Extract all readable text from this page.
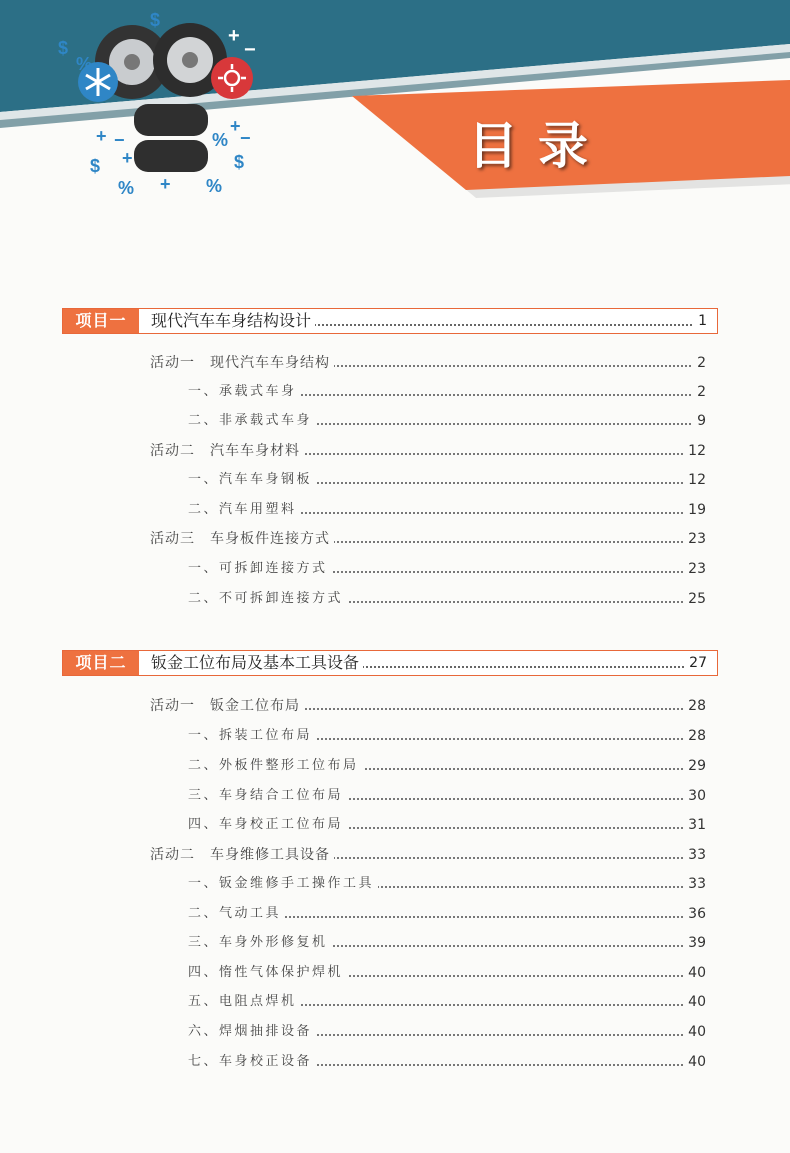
目录
$
$
$	$
%
%
%	%
+
+
+
+
−	−
+
−
项目一	现代汽车车身结构设计	1
活动一　现代汽车车身结构	2
一、承载式车身	2
二、非承载式车身	9
活动二　汽车车身材料	12
一、汽车车身钢板	12
二、汽车用塑料	19
活动三　车身板件连接方式	23
一、可拆卸连接方式	23
二、不可拆卸连接方式	25
项目二	钣金工位布局及基本工具设备	27
活动一　钣金工位布局	28
一、拆装工位布局	28
二、外板件整形工位布局	29
三、车身结合工位布局	30
四、车身校正工位布局	31
活动二　车身维修工具设备	33
一、钣金维修手工操作工具	33
二、气动工具	36
三、车身外形修复机	39
四、惰性气体保护焊机	40
五、电阻点焊机	40
六、焊烟抽排设备	40
七、车身校正设备	40
